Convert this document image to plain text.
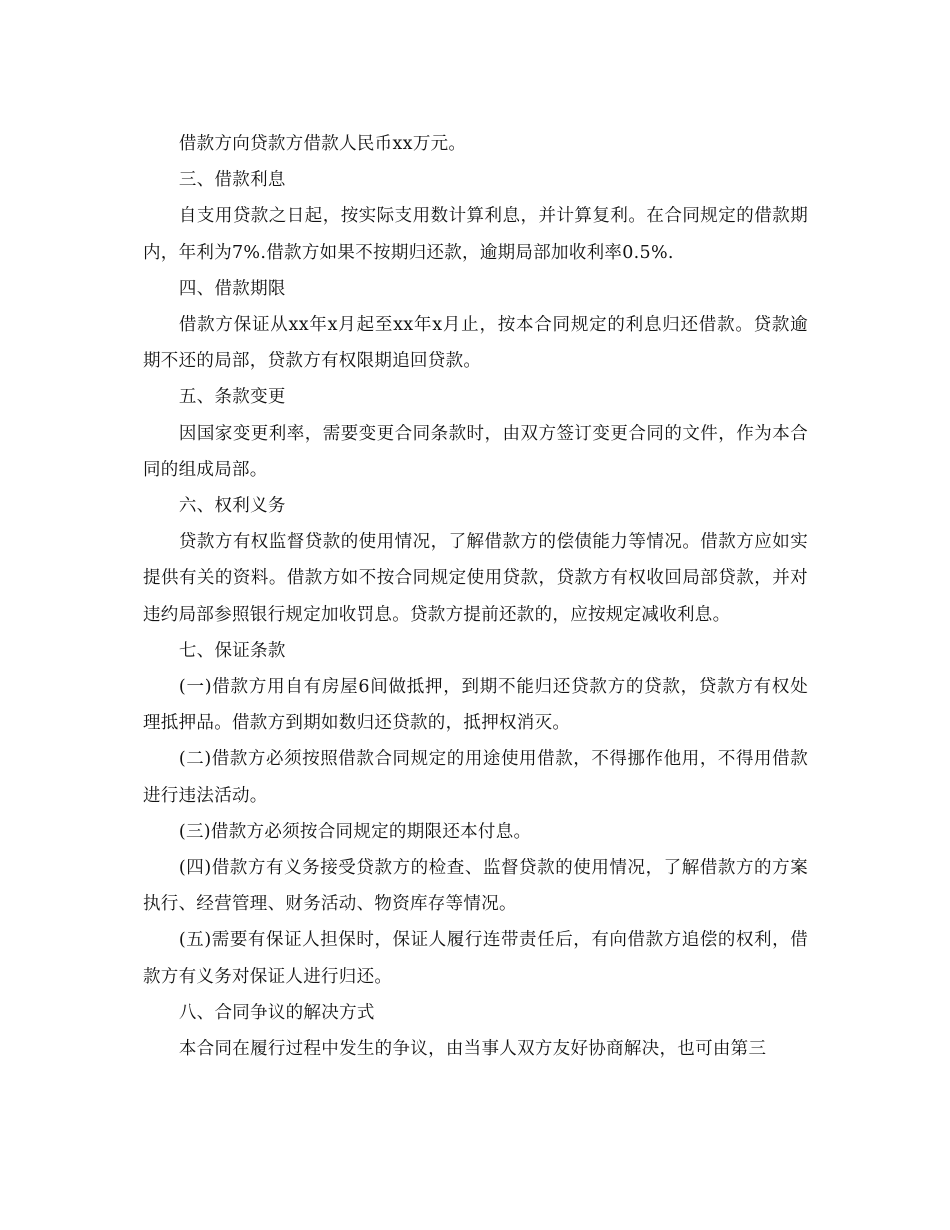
借款方向贷款方借款人民币xx万元。

三、借款利息

自支用贷款之日起，按实际支用数计算利息，并计算复利。在合同规定的借款期内，年利为7%.借款方如果不按期归还款，逾期局部加收利率0.5%.

四、借款期限

借款方保证从xx年x月起至xx年x月止，按本合同规定的利息归还借款。贷款逾期不还的局部，贷款方有权限期追回贷款。

五、条款变更

因国家变更利率，需要变更合同条款时，由双方签订变更合同的文件，作为本合同的组成局部。

六、权利义务

贷款方有权监督贷款的使用情况，了解借款方的偿债能力等情况。借款方应如实提供有关的资料。借款方如不按合同规定使用贷款，贷款方有权收回局部贷款，并对违约局部参照银行规定加收罚息。贷款方提前还款的，应按规定减收利息。

七、保证条款

(一)借款方用自有房屋6间做抵押，到期不能归还贷款方的贷款，贷款方有权处理抵押品。借款方到期如数归还贷款的，抵押权消灭。

(二)借款方必须按照借款合同规定的用途使用借款，不得挪作他用，不得用借款进行违法活动。

(三)借款方必须按合同规定的期限还本付息。

(四)借款方有义务接受贷款方的检查、监督贷款的使用情况，了解借款方的方案执行、经营管理、财务活动、物资库存等情况。

(五)需要有保证人担保时，保证人履行连带责任后，有向借款方追偿的权利，借款方有义务对保证人进行归还。

八、合同争议的解决方式

本合同在履行过程中发生的争议，由当事人双方友好协商解决，也可由第三
